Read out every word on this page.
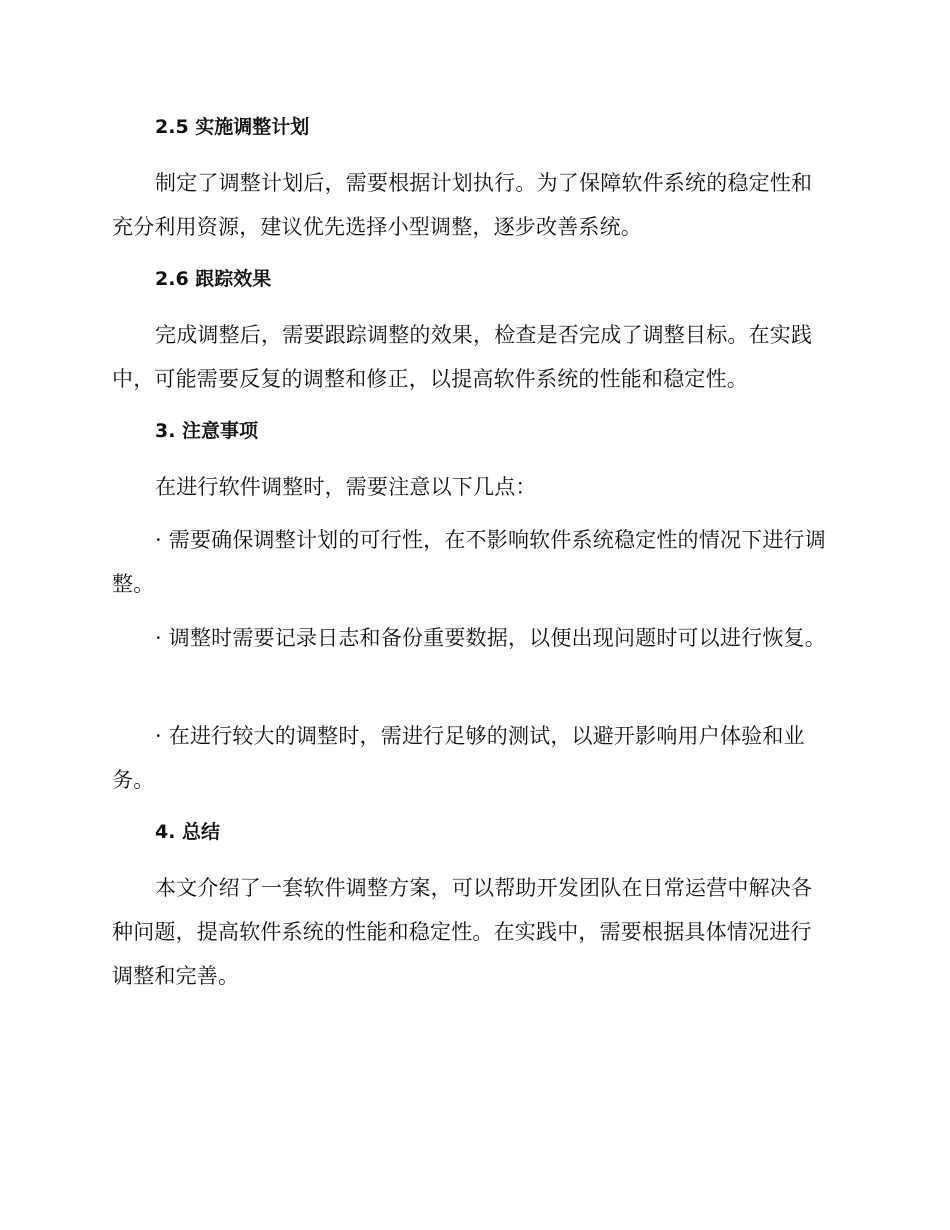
2.5 实施调整计划

制定了调整计划后，需要根据计划执行。为了保障软件系统的稳定性和充分利用资源，建议优先选择小型调整，逐步改善系统。

2.6 跟踪效果

完成调整后，需要跟踪调整的效果，检查是否完成了调整目标。在实践中，可能需要反复的调整和修正，以提高软件系统的性能和稳定性。

3. 注意事项

在进行软件调整时，需要注意以下几点：

· 需要确保调整计划的可行性，在不影响软件系统稳定性的情况下进行调整。

· 调整时需要记录日志和备份重要数据，以便出现问题时可以进行恢复。

· 在进行较大的调整时，需进行足够的测试，以避开影响用户体验和业务。

4. 总结

本文介绍了一套软件调整方案，可以帮助开发团队在日常运营中解决各种问题，提高软件系统的性能和稳定性。在实践中，需要根据具体情况进行调整和完善。
